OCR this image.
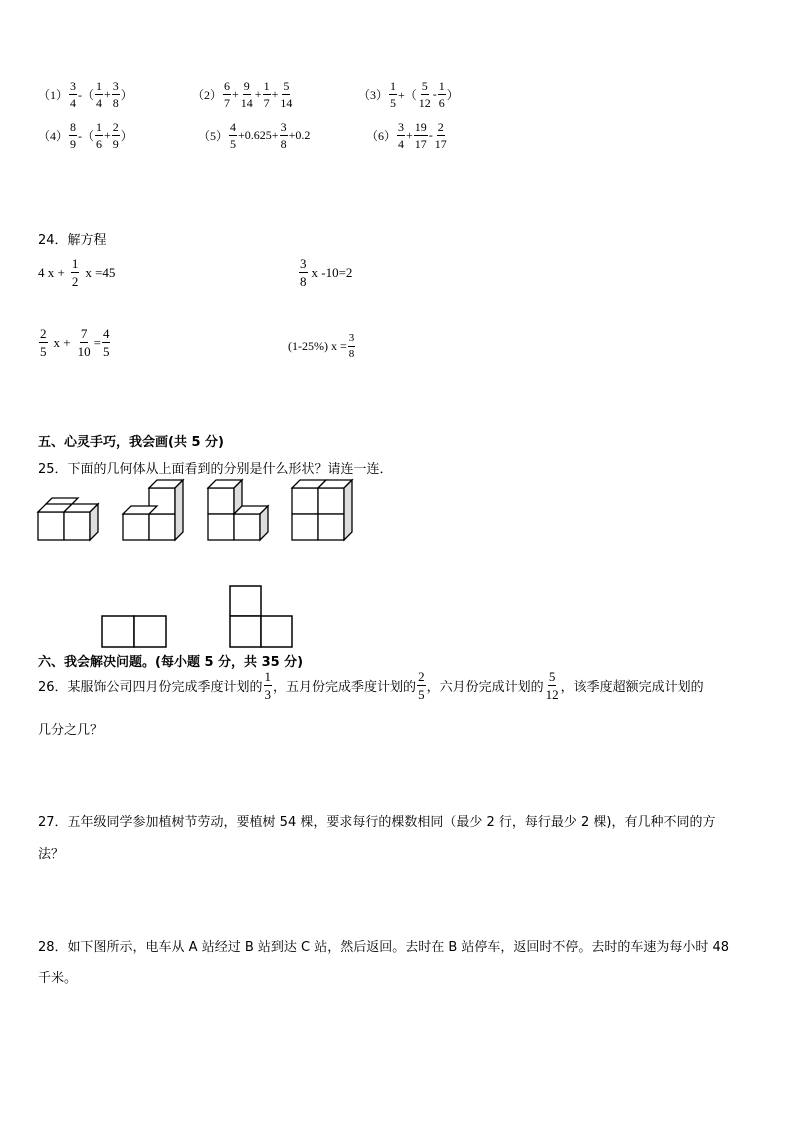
$(1) \frac{3}{4}$ -（ $\frac{1}{4} + \frac{3}{8}$ ）	$(2) \frac{6}{7} + \frac{9}{14} + \frac{1}{7} + \frac{5}{14}$	$(3) \frac{1}{5}$ +（ $\frac{5}{12} - \frac{1}{6}$ ）
$(4) \frac{8}{9}$ -（ $\frac{1}{6} + \frac{2}{9}$ ）	$(5) \frac{4}{5} +0.625+ \frac{3}{8} +0.2$	$(6) \frac{3}{4} + \frac{19}{17} - \frac{2}{17}$
24．解方程
4 $x + \frac{1}{2}$ x =45	$\frac{3}{8}$ x -10=2
$\frac{2}{5}$ $x + \frac{7}{10} = \frac{4}{5}$	(1-25%) $x = \frac{3}{8}$
五、心灵手巧，我会画(共 5 分)
25．下面的几何体从上面看到的分别是什么形状？请连一连．
六、我会解决问题。(每小题 5 分，共 35 分)
26．某服饰公司四月份完成季度计划的 $\frac{1}{3}$ ，五月份完成季度计划的 $\frac{2}{5}$ ，六月份完成计划的 $\frac{5}{12}$ ，该季度超额完成计划的
几分之几？
27．五年级同学参加植树节劳动，要植树 54 棵，要求每行的棵数相同（最少 2 行，每行最少 2 棵)，有几种不同的方
法？
28．如下图所示，电车从 A 站经过 B 站到达 C 站，然后返回。去时在 B 站停车，返回时不停。去时的车速为每小时 48
千米。
